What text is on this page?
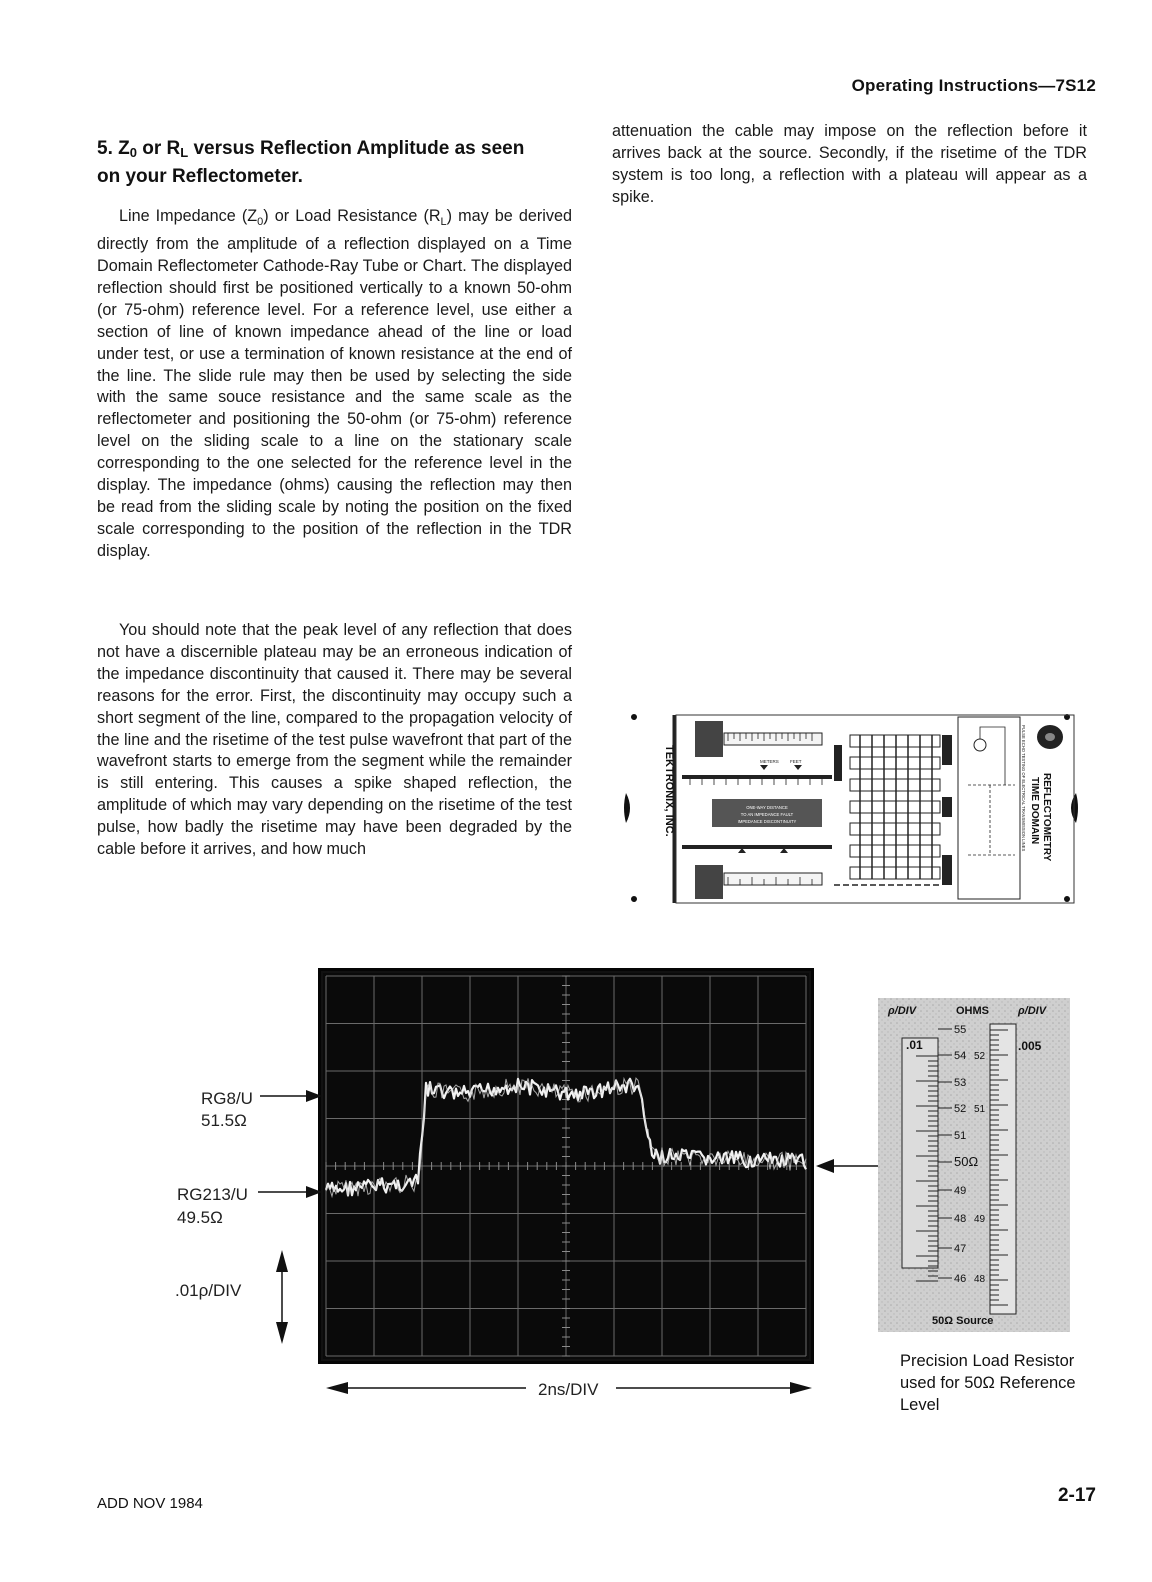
Operating Instructions—7S12
5. $Z_0$ or $R_L$ versus Reflection Amplitude as seen
on your Reflectometer.
Line Impedance $(Z_0)$ or Load Resistance $(R_L)$ may be derived directly from the amplitude of a reflection displayed on a Time Domain Reflectometer Cathode-Ray Tube or Chart. The displayed reflection should first be positioned vertically to a known 50-ohm (or 75-ohm) reference level. For a reference level, use either a section of line of known impedance ahead of the line or load under test, or use a termination of known resistance at the end of the line. The slide rule may then be used by selecting the side with the same souce resistance and the same scale as the reflectometer and positioning the 50-ohm (or 75-ohm) reference level on the sliding scale to a line on the stationary scale corresponding to the one selected for the reference level in the display. The impedance (ohms) causing the reflection may then be read from the sliding scale by noting the position on the fixed scale corresponding to the position of the reflection in the TDR display.
You should note that the peak level of any reflection that does not have a discernible plateau may be an erroneous indication of the impedance discontinuity that caused it. There may be several reasons for the error. First, the discontinuity may occupy such a short segment of the line, compared to the propagation velocity of the line and the risetime of the test pulse wavefront that part of the wavefront starts to emerge from the segment while the remainder is still entering. This causes a spike shaped reflection, the amplitude of which may vary depending on the risetime of the test pulse, how badly the risetime may have been degraded by the cable before it arrives, and how much
attenuation the cable may impose on the reflection before it arrives back at the source. Secondly, if the risetime of the TDR system is too long, a reflection with a plateau will appear as a spike.
TEKTRONIX, INC.	METERS FEET
ONE-WAY DISTANCE
TO AN IMPEDANCE FAULT
IMPEDANCE DISCONTINUITY	PULSE ECHO TESTING OF ELECTRICAL TRANSMISSION LINES TIME DOMAIN REFLECTOMETRY
RG8/U
51.5Ω
RG213/U
49.5Ω
.01ρ/DIV
2ns/DIV
ρ/DIV	OHMS	ρ/DIV
.01	.005
55
54
53
52
51
50Ω
49
48
47
46
52
51
49
48
50Ω Source
Precision Load Resistor used for 50Ω Reference Level
ADD NOV 1984	2-17
